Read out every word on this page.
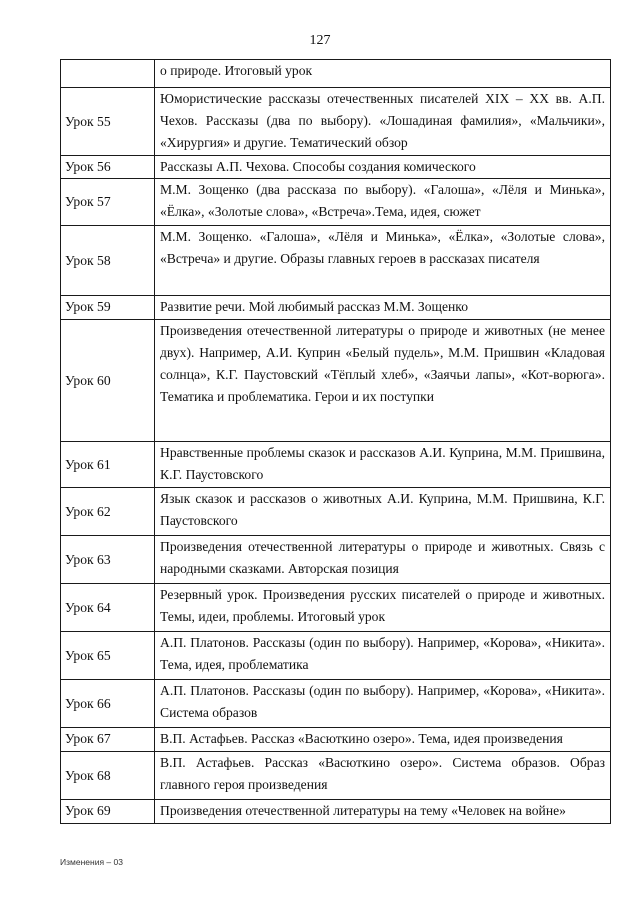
127
	о природе. Итоговый урок
Урок 55	Юмористические рассказы отечественных писателей XIX – XX вв. А.П. Чехов. Рассказы (два по выбору). «Лошадиная фамилия», «Мальчики», «Хирургия» и другие. Тематический обзор
Урок 56	Рассказы А.П. Чехова. Способы создания комического
Урок 57	М.М. Зощенко (два рассказа по выбору). «Галоша», «Лёля и Минька», «Ёлка», «Золотые слова», «Встреча».Тема, идея, сюжет
Урок 58	М.М. Зощенко. «Галоша», «Лёля и Минька», «Ёлка», «Золотые слова», «Встреча» и другие. Образы главных героев в рассказах писателя
Урок 59	Развитие речи. Мой любимый рассказ М.М. Зощенко
Урок 60	Произведения отечественной литературы о природе и животных (не менее двух). Например, А.И. Куприн «Белый пудель», М.М. Пришвин «Кладовая солнца», К.Г. Паустовский «Тёплый хлеб», «Заячьи лапы», «Кот-ворюга». Тематика и проблематика. Герои и их поступки
Урок 61	Нравственные проблемы сказок и рассказов А.И. Куприна, М.М. Пришвина, К.Г. Паустовского
Урок 62	Язык сказок и рассказов о животных А.И. Куприна, М.М. Пришвина, К.Г. Паустовского
Урок 63	Произведения отечественной литературы о природе и животных. Связь с народными сказками. Авторская позиция
Урок 64	Резервный урок. Произведения русских писателей о природе и животных. Темы, идеи, проблемы. Итоговый урок
Урок 65	А.П. Платонов. Рассказы (один по выбору). Например, «Корова», «Никита». Тема, идея, проблематика
Урок 66	А.П. Платонов. Рассказы (один по выбору). Например, «Корова», «Никита». Система образов
Урок 67	В.П. Астафьев. Рассказ «Васюткино озеро». Тема, идея произведения
Урок 68	В.П. Астафьев. Рассказ «Васюткино озеро». Система образов. Образ главного героя произведения
Урок 69	Произведения отечественной литературы на тему «Человек на войне»
Изменения – 03
